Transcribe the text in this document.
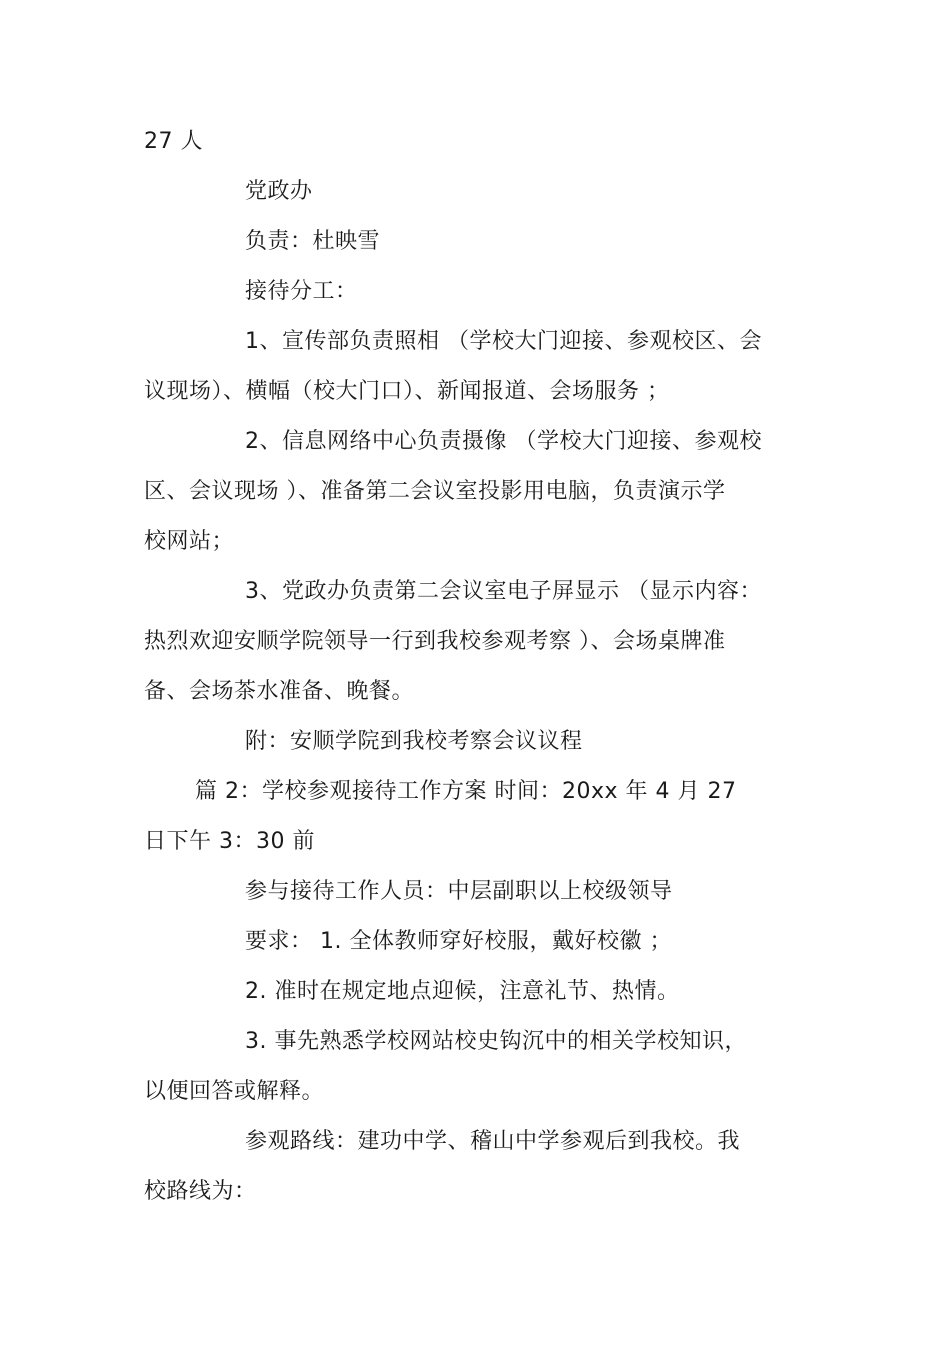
27 人
党政办
负责：杜映雪
接待分工：
1、宣传部负责照相 （学校大门迎接、参观校区、会
议现场）、横幅（校大门口）、新闻报道、会场服务 ；
2、信息网络中心负责摄像 （学校大门迎接、参观校
区、会议现场 ）、准备第二会议室投影用电脑，负责演示学
校网站；
3、党政办负责第二会议室电子屏显示 （显示内容：
热烈欢迎安顺学院领导一行到我校参观考察 ）、会场桌牌准
备、会场茶水准备、晚餐。
附：安顺学院到我校考察会议议程
篇 2：学校参观接待工作方案 时间：20xx 年 4 月 27
日下午 3：30 前
参与接待工作人员：中层副职以上校级领导
要求： 1. 全体教师穿好校服，戴好校徽 ；
2. 准时在规定地点迎候，注意礼节、热情。
3. 事先熟悉学校网站校史钩沉中的相关学校知识，
以便回答或解释。
参观路线：建功中学、稽山中学参观后到我校。我
校路线为：
